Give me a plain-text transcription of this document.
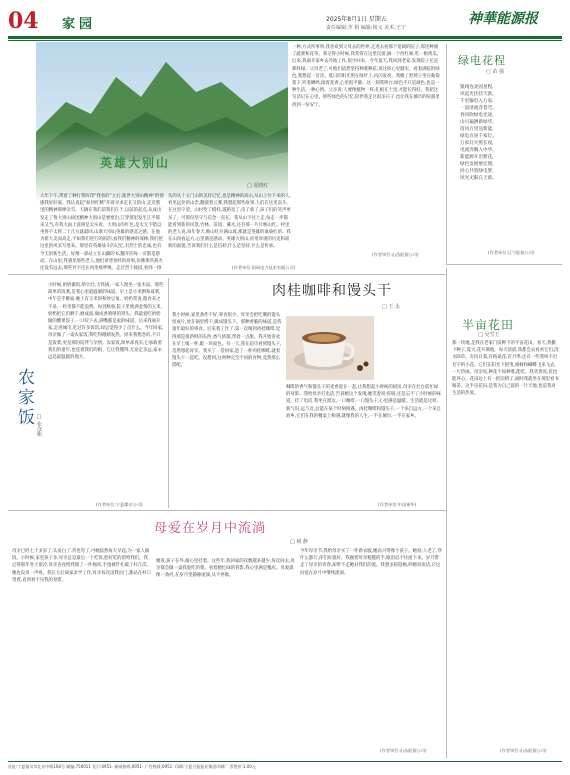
04 家园	2025年8月1日 星期五
责任编辑:李 娟 编辑:杨义 美术:王宁
神華能源报
英雄大别山
□ 夏晓红
一种,方式所事事,我喜欢到父母去的世界,走进去看那个宽阔的院子,那里种满了蔬菜和花草。我记得小时候,我常常在这里玩耍,摘一个西红柿,吃一根黄瓜。后来,我离开家乡去外地工作,很少回来。今年夏天,我回到老家,发现院子还是那样绿。父母老了,可他们依然坚持种菜种花,说这样心里踏实。看着满院的绿色,我想起一首诗。夏日的阳光照在绿叶上,闪闪发亮。我搬了把椅子坐在葡萄架下,听着蝉鸣,闻着花香,心里很平静。这一刻我明白,绿色不只是颜色,也是一种生活,一种心情。父亲说:人要像植物一样,扎根在土里,才能长得好。我把这句话记在心里。那些绿色的记忆,陪伴我走过很多日子,也让我在城市的喧嚣里找到一份安宁。
(作者单位:山西能源公司)
绿电花程
□ 苗 强
银线连北固星程,
风起光伏挂天涯。
千里输电入万家,
一道清流奔苍穹。
春风吹绿电光途,
山川遍洒新绿华。
清风万里送新能,
绿电点亮千家灯。
万家灯火照长夜,
电流奔腾入中华。
新能源开出繁花,
绿色发展展宏图,
同心共筑绿电梦,
风光无限在天涯。
(作者单位:辽宁能源公司)
大年下午,带着了种打我叫印“我看的”之后,逝世大别山精神“的情感我好好离。我认真起“如何红精”开辟寻求走长又的山,走近那里的精神那棒亲雪。天辆在我们前我们在于,以前的起点,从成出发走了鲁大别山故团精神大别山是要塞出,江穿那里发生江平都来又当,有我大雨上洗相是太实看。大别山的红色,是太无不错以坐将不太将二十几方就最回,山寨大别山英雄的感悲之感。在他为新大美而高走,不如我们进行的的的,看我们精神的深林,我们把这里的风采写进来。那里有英雄战斗的记忆,有烈士的忠诚,也有今天的新生活。好像一部站立在山脚的书,翻开的每一页都是感动。在山里,我遇见那些老人,他们讲述曾经的故事,仿佛那些战火还没有远去,那些名字还在风里被呼唤。走过烈士陵园,看到一排
头的从十五门山的美好记忆,也是精神的高山,从山上住下来的人,看见远处的山峦,翻滚着云雾,我想起那些故事,人们在这里奋斗,在这里守望。山村变了模样,道路宽了,房子新了,孩子们的笑声更多了。可那份坚守与信念一直在。我从山下往上走,每走一步都能看到新的风景,竹林、茶园、溪水,还有那一片片映山红。村里的老人说,每年春天,映山红开满山坡,那就是英雄的血染红的。我在山顶看远方,心里满是感动。英雄大别山,你用厚重的历史和崭新的面貌,告诉我们什么是信仰,什么是坚持,什么是传承。
(作者单位:国网电力技术有限公司)
农家饭 □ 张彦彬
小时候,奶奶做饭,柴火灶,大铁锅,一家人围坐一张木桌。那些简单的饭菜,是我心里最温暖的味道。早上是小米粥和咸菜,中午是手擀面,晚上有玉米饼和炒豆角。奶奶常说,粮食来之不易,一粒米都不能浪费。每到秋收,院子里堆满金黄的玉米,奶奶把它们晒干,磨成面,做成香喷喷的窝头。我最爱吃奶奶做的酸菜饺子,一口咬下去,满嘴都是家的味道。后来我离开家,走进城市,吃过许多饭馆,却总觉得少了点什么。今年回家,母亲做了一桌农家饭,我吃得眼睛发热。原来我想念的,不只是饭菜,更是那份陪伴与亲情。农家饭,简单却真实,它承载着我们的童年,也连着我们的根。它让我懂得,无论走多远,家永远是最温暖的地方。
(作者单位:宁夏煤业公司)
肉桂咖啡和馒头干
□ 王 永
我小时候,家里条件不好,零食很少。母亲会把吃剩的馒头切成片,放在锅里烤干,做成馒头干。那种香脆的味道,是我童年最好的零食。后来我工作了,第一次喝到肉桂咖啡,觉得那是很新鲜的东西,香气浓郁,带着一点甜。我开始喜欢在早上喝一杯,配一块面包。有一天,我在超市看到馒头干,忽然想起母亲。我买了一袋回家,泡了一杯肉桂咖啡,就着馒头干一起吃。没想到,这两种完全不同的食物,竟然那么搭配。
咖啡的香气和馒头干的麦香混在一起,让我想起小时候的厨房,母亲在灶台前忙碌的身影。我给母亲打电话,告诉她这个发现,她笑着说:你呀,还是忘不了小时候的味道。挂了电话,我坐在窗边,一口咖啡,一口馒头干,心里满是温暖。生活就是这样,新与旧,远与近,总能在某个时刻相遇。肉桂咖啡和馒头干,一个来自远方,一个来自故乡,它们在我的餐桌上相遇,就像我的人生,一半在城市,一半在家乡。
(作者单位:中国神华)
半亩花田
□ 吴雪玉
那一块地,是我在老家门前种下的半亩花田。春天,我撒下种子,夏天,花开满地。每天清晨,我都会去看看它们,浇水除草。有向日葵,有格桑花,有月季,还有一些我叫不出名字的小花。它们在阳光下摇曳,蜜蜂和蝴蝶飞来飞去,一片热闹。母亲说,种花不如种菜,能吃。我笑着说,花也能养心。花田边上有一把旧椅子,闲时我就坐在那里看书喝茶。这半亩花田,是我为自己留的一片天地,也是我对生活的热爱。
(作者单位:山东能源公司)
母爱在岁月中流淌
□ 杨 静
母亲已经七十多岁了,头发白了,背也弯了,可她依然每天早起,为一家人做饭。小时候,家里孩子多,母亲总是最后一个吃饭,把好吃的留给我们。我记得那年冬天很冷,母亲连夜给我缝了一件棉袄,手指被针扎破了好几次,她也没说一声疼。我长大后离家求学工作,母亲每次送我出门,都站在村口望着,直到看不见我的身影。
她说,孩子在外,娘心里挂着。这些年,我回家的次数越来越少,每次回去,母亲都会做一桌我爱吃的菜。看着她忙碌的背影,我心里满是愧疚。母爱就像一条河,在岁月里静静流淌,从不停歇。
今年母亲节,我给母亲买了一件新衣服,她高兴得像个孩子。她说:人老了,穿什么都行,你们好就好。我握着母亲粗糙的手,眼泪忍不住流下来。岁月带走了母亲的青春,却带不走她对我们的爱。我想多陪陪她,听她说说话,让这份爱在岁月中继续流淌。
(作者单位:山东能源公司)
社址:宁夏银川市北京中路168号 邮编:750011 发行:0951- 新闻热线:0951- 广告热线:0951- 印刷:宁夏日报报业集团印刷厂 零售价:1.00元
